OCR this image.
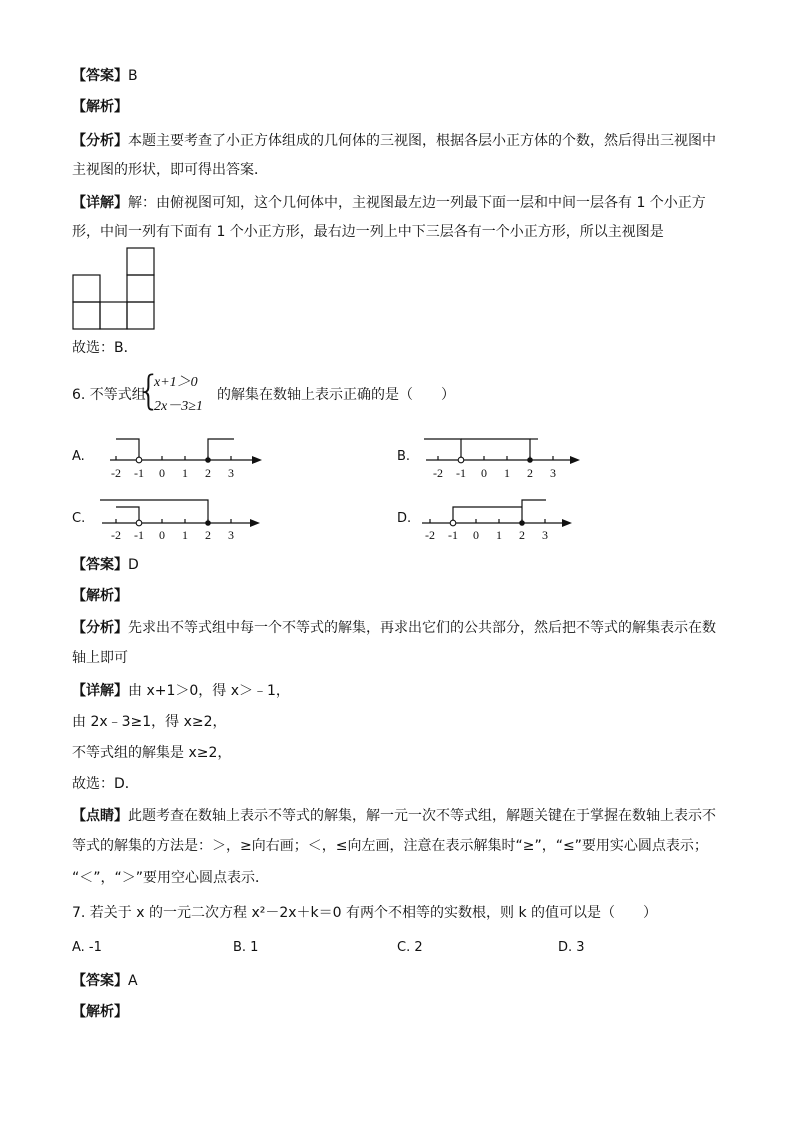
【答案】B
【解析】
【分析】本题主要考查了小正方体组成的几何体的三视图，根据各层小正方体的个数，然后得出三视图中
主视图的形状，即可得出答案．
【详解】解：由俯视图可知，这个几何体中，主视图最左边一列最下面一层和中间一层各有 1 个小正方
形，中间一列有下面有 1 个小正方形，最右边一列上中下三层各有一个小正方形，所以主视图是
故选：B．
6. 不等式组
{
x+1＞0
2x－3≥1
的解集在数轴上表示正确的是（　　）
A.
-2 -1 0 1 2 3
B.
-2 -1 0 1 2 3
C.
-2 -1 0 1 2 3
D.
-2 -1 0 1 2 3
【答案】D
【解析】
【分析】先求出不等式组中每一个不等式的解集，再求出它们的公共部分，然后把不等式的解集表示在数
轴上即可
【详解】由 x+1＞0，得 x＞﹣1，
由 2x﹣3≥1，得 x≥2，
不等式组的解集是 x≥2，
故选：D．
【点睛】此题考查在数轴上表示不等式的解集，解一元一次不等式组，解题关键在于掌握在数轴上表示不
等式的解集的方法是：＞，≥向右画；＜，≤向左画，注意在表示解集时“≥”，“≤”要用实心圆点表示；
“＜”，“＞”要用空心圆点表示．
7. 若关于 x 的一元二次方程 x²－2x＋k＝0 有两个不相等的实数根，则 k 的值可以是（　　）
A. -1	B. 1	C. 2	D. 3
【答案】A
【解析】
